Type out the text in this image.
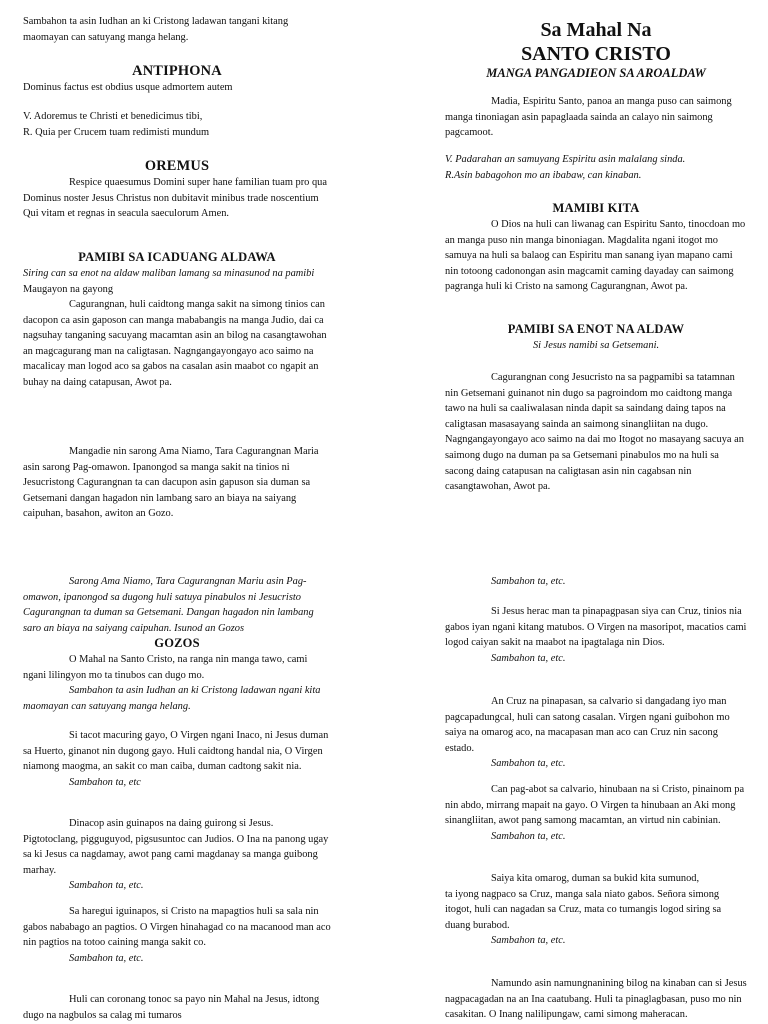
Sambahon ta asin Iudhan an ki Cristong ladawan tangani kitang maomayan can satuyang manga helang.

ANTIPHONA

Dominus factus est obdius usque admortem autem

V. Adoremus te Christi et benedicimus tibi,

R. Quia per Crucem tuam redimisti mundum

OREMUS

Respice quaesumus Domini super hane familian tuam pro qua Dominus noster Jesus Christus non dubitavit minibus trade noscentium Qui vitam et regnas in seacula saeculorum Amen.

PAMIBI SA ICADUANG ALDAWA

Siring can sa enot na aldaw maliban lamang sa minasunod na pamibi Maugayon na gayong

Cagurangnan, huli caidtong manga sakit na simong tinios can dacopon ca asin gaposon can manga mababangis na manga Judio, dai ca nagsuhay tanganing sacuyang macamtan asin an bilog na casangtawohan an magcagurang man na caligtasan. Nagngangayongayo aco saimo na macalicay man logod aco sa gabos na casalan asin maabot co ngapit an buhay na daing catapusan, Awot pa.

Mangadie nin sarong Ama Niamo, Tara Cagurangnan Maria asin sarong Pag-omawon. Ipanongod sa manga sakit na tinios ni Jesucristong Cagurangnan ta can dacupon asin gapuson sia duman sa Getsemani dangan hagadon nin lambang saro an biaya na saiyang caipuhan, basahon, awiton an Gozo.

Sarong Ama Niamo, Tara Cagurangnan Mariu asin Pag-omawon, ipanongod sa dugong huli satuya pinabulos ni Jesucristo Cagurangnan ta duman sa Getsemani. Dangan hagadon nin lambang saro an biaya na saiyang caipuhan. Isunod an Gozos

GOZOS

O Mahal na Santo Cristo, na ranga nin manga tawo, cami ngani lilingyon mo ta tinubos can dugo mo.

Sambahon ta asin Iudhan an ki Cristong ladawan ngani kita maomayan can satuyang manga helang.

Si tacot macuring gayo, O Virgen ngani Inaco, ni Jesus duman sa Huerto, ginanot nin dugong gayo. Huli caidtong handal nia, O Virgen niamong maogma, an sakit co man caiba, duman cadtong sakit nia.

Sambahon ta, etc

Dinacop asin guinapos na daing guirong si Jesus. Pigtotoclang, pigguguyod, pigsusuntoc can Judios. O Ina na panong ugay sa ki Jesus ca nagdamay, awot pang cami magdanay sa manga guibong marhay.

Sambahon ta, etc.

Sa haregui iguinapos, si Cristo na mapagtios huli sa sala nin gabos nababago an pagtios. O Virgen hinahagad co na macanood man aco nin pagtios na totoo caining manga sakit co.

Sambahon ta, etc.

Huli can coronang tonoc sa payo nin Mahal na Jesus, idtong dugo na nagbulos sa calag mi tumaros

Sa Mahal Na

SANTO CRISTO

MANGA PANGADIEON SA AROALDAW

Madia, Espiritu Santo, panoa an manga puso can saimong manga tinoniagan asin papaglaada sainda an calayo nin saimong pagcamoot.

V. Padarahan an samuyang Espiritu asin malalang sinda.

R.Asin babagohon mo an ibabaw, can kinaban.

MAMIBI KITA

O Dios na huli can liwanag can Espiritu Santo, tinocdoan mo an manga puso nin manga binoniagan. Magdalita ngani itogot mo samuya na huli sa balaog can Espiritu man sanang iyan mapano cami nin totoong cadonongan asin magcamit caming dayaday can saimong pagranga huli ki Cristo na samong Cagurangnan, Awot pa.

PAMIBI SA ENOT NA ALDAW

Si Jesus namibi sa Getsemani.

Cagurangnan cong Jesucristo na sa pagpamibi sa tatamnan nin Getsemani guinanot nin dugo sa pagroindom mo caidtong manga tawo na huli sa caaliwalasan ninda dapit sa saindang daing tapos na caligtasan masasayang sainda an saimong sinangliitan na dugo. Nagngangayongayo aco saimo na dai mo Itogot no masayang sacuya an saimong dugo na duman pa sa Getsemani pinabulos mo na huli sa sacong daing catapusan na caligtasan asin nin cagabsan nin casangtawohan, Awot pa.

Sambahon ta, etc.

Si Jesus herac man ta pinapagpasan siya can Cruz, tinios nia gabos iyan ngani kitang matubos. O Virgen na masoripot, macatios cami logod caiyan sakit na maabot na ipagtalaga nin Dios.

Sambahon ta, etc.

An Cruz na pinapasan, sa calvario si dangadang iyo man pagcapadungcal, huli can satong casalan. Virgen ngani guibohon mo saiya na omarog aco, na macapasan man aco can Cruz nin sacong estado.

Sambahon ta, etc.

Can pag-abot sa calvario, hinubaan na si Cristo, pinainom pa nin abdo, mirrang mapait na gayo. O Virgen ta hinubaan an Aki mong sinangliitan, awot pang samong macamtan, an virtud nin cabinian.

Sambahon ta, etc.

Saiya kita omarog, duman sa bukid kita sumunod,

ta iyong nagpaco sa Cruz, manga sala niato gabos. Señora simong itogot, huli can nagadan sa Cruz, mata co tumangis logod siring sa duang burabod.

Sambahon ta, etc.

Namundo asin namungnanining bilog na kinaban can si Jesus nagpacagadan na an Ina caatubang. Huli ta pinaglagbasan, puso mo nin casakitan. O Inang nalilipungaw, cami simong maheracan.
